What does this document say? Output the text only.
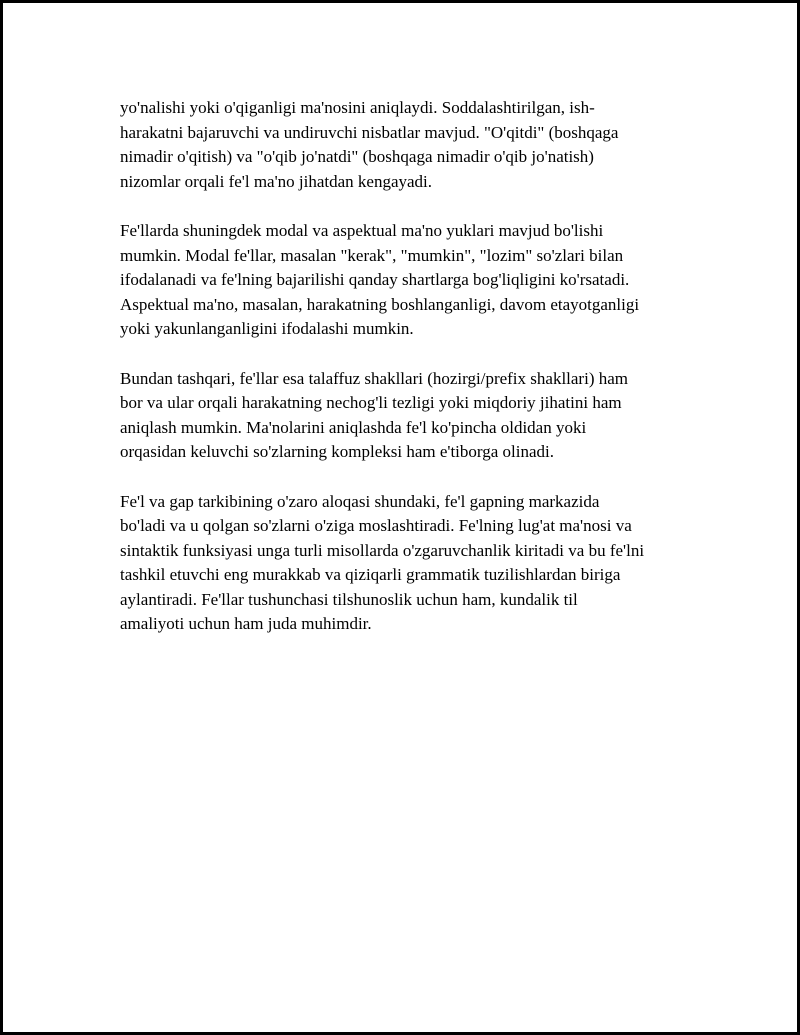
yo'nalishi yoki o'qiganligi ma'nosini aniqlaydi. Soddalashtirilgan, ish-
harakatni bajaruvchi va undiruvchi nisbatlar mavjud. "O'qitdi" (boshqaga
nimadir o'qitish) va "o'qib jo'natdi" (boshqaga nimadir o'qib jo'natish)
nizomlar orqali fe'l ma'no jihatdan kengayadi.

Fe'llarda shuningdek modal va aspektual ma'no yuklari mavjud bo'lishi
mumkin. Modal fe'llar, masalan "kerak", "mumkin", "lozim" so'zlari bilan
ifodalanadi va fe'lning bajarilishi qanday shartlarga bog'liqligini ko'rsatadi.
Aspektual ma'no, masalan, harakatning boshlanganligi, davom etayotganligi
yoki yakunlanganligini ifodalashi mumkin.

Bundan tashqari, fe'llar esa talaffuz shakllari (hozirgi/prefix shakllari) ham
bor va ular orqali harakatning nechog'li tezligi yoki miqdoriy jihatini ham
aniqlash mumkin. Ma'nolarini aniqlashda fe'l ko'pincha oldidan yoki
orqasidan keluvchi so'zlarning kompleksi ham e'tiborga olinadi.

Fe'l va gap tarkibining o'zaro aloqasi shundaki, fe'l gapning markazida
bo'ladi va u qolgan so'zlarni o'ziga moslashtiradi. Fe'lning lug'at ma'nosi va
sintaktik funksiyasi unga turli misollarda o'zgaruvchanlik kiritadi va bu fe'lni
tashkil etuvchi eng murakkab va qiziqarli grammatik tuzilishlardan biriga
aylantiradi. Fe'llar tushunchasi tilshunoslik uchun ham, kundalik til
amaliyoti uchun ham juda muhimdir.
